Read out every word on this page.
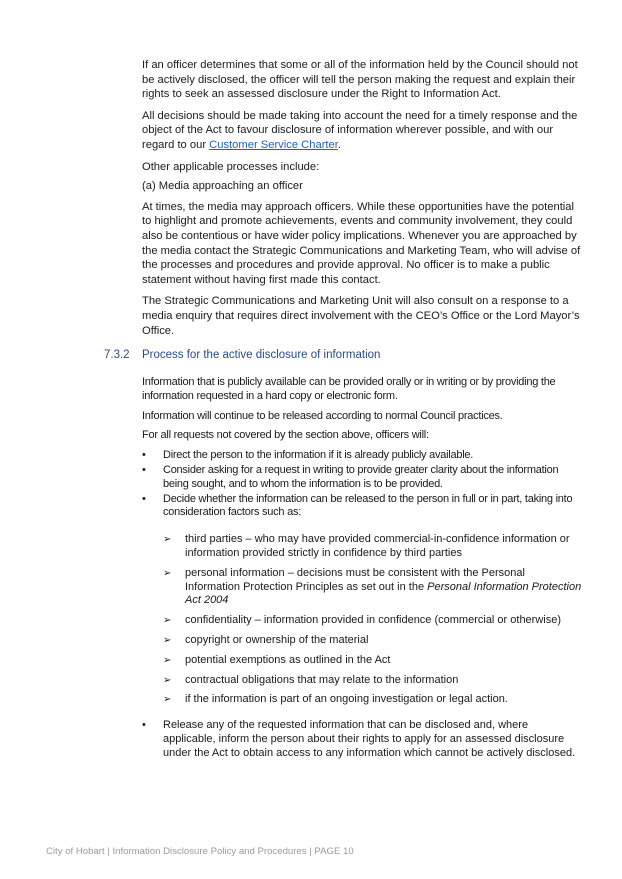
If an officer determines that some or all of the information held by the Council should not be actively disclosed, the officer will tell the person making the request and explain their rights to seek an assessed disclosure under the Right to Information Act.

All decisions should be made taking into account the need for a timely response and the object of the Act to favour disclosure of information wherever possible, and with our regard to our Customer Service Charter.

Other applicable processes include:

(a) Media approaching an officer

At times, the media may approach officers. While these opportunities have the potential to highlight and promote achievements, events and community involvement, they could also be contentious or have wider policy implications. Whenever you are approached by the media contact the Strategic Communications and Marketing Team, who will advise of the processes and procedures and provide approval. No officer is to make a public statement without having first made this contact.

The Strategic Communications and Marketing Unit will also consult on a response to a media enquiry that requires direct involvement with the CEO’s Office or the Lord Mayor’s Office.

7.3.2 Process for the active disclosure of information

Information that is publicly available can be provided orally or in writing or by providing the information requested in a hard copy or electronic form.

Information will continue to be released according to normal Council practices.

For all requests not covered by the section above, officers will:

• Direct the person to the information if it is already publicly available.
• Consider asking for a request in writing to provide greater clarity about the information being sought, and to whom the information is to be provided.
• Decide whether the information can be released to the person in full or in part, taking into consideration factors such as:
➢ third parties – who may have provided commercial-in-confidence information or information provided strictly in confidence by third parties
➢ personal information – decisions must be consistent with the Personal Information Protection Principles as set out in the Personal Information Protection Act 2004
➢ confidentiality – information provided in confidence (commercial or otherwise)
➢ copyright or ownership of the material
➢ potential exemptions as outlined in the Act
➢ contractual obligations that may relate to the information
➢ if the information is part of an ongoing investigation or legal action.
• Release any of the requested information that can be disclosed and, where applicable, inform the person about their rights to apply for an assessed disclosure under the Act to obtain access to any information which cannot be actively disclosed.
City of Hobart | Information Disclosure Policy and Procedures | PAGE 10
